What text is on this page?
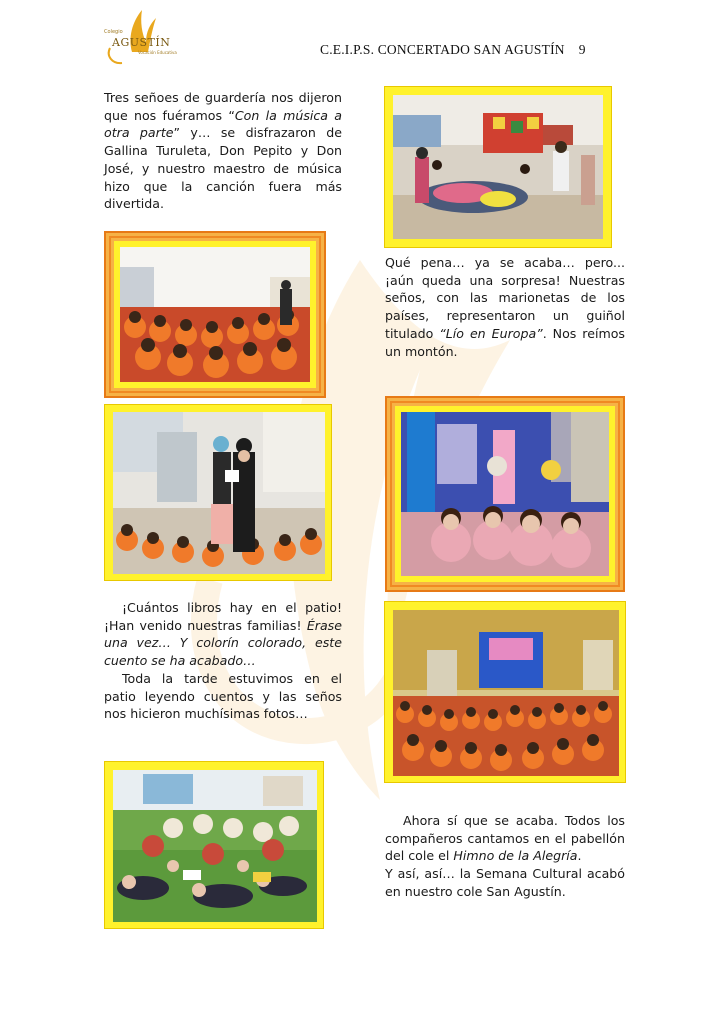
Colegio
AGUSTÍN
Vocación Educativa	C.E.I.P.S. CONCERTADO SAN AGUSTÍN 9

Tres señoes de guardería nos dijeron que nos fuéramos “Con la música a otra parte” y… se disfrazaron de Gallina Turuleta, Don Pepito y Don José, y nuestro maestro de música hizo que la canción fuera más divertida.

Qué pena… ya se acaba… pero... ¡aún queda una sorpresa! Nuestras seños, con las marionetas de los países, representaron un guiñol titulado “Lío en Europa”. Nos reímos un montón.

¡Cuántos libros hay en el patio! ¡Han venido nuestras familias! Érase una vez… Y colorín colorado, este cuento se ha acabado…

Toda la tarde estuvimos en el patio leyendo cuentos y las seños nos hicieron muchísimas fotos…

Ahora sí que se acaba. Todos los compañeros cantamos en el pabellón del cole el Himno de la Alegría.

Y así, así… la Semana Cultural acabó en nuestro cole San Agustín.
